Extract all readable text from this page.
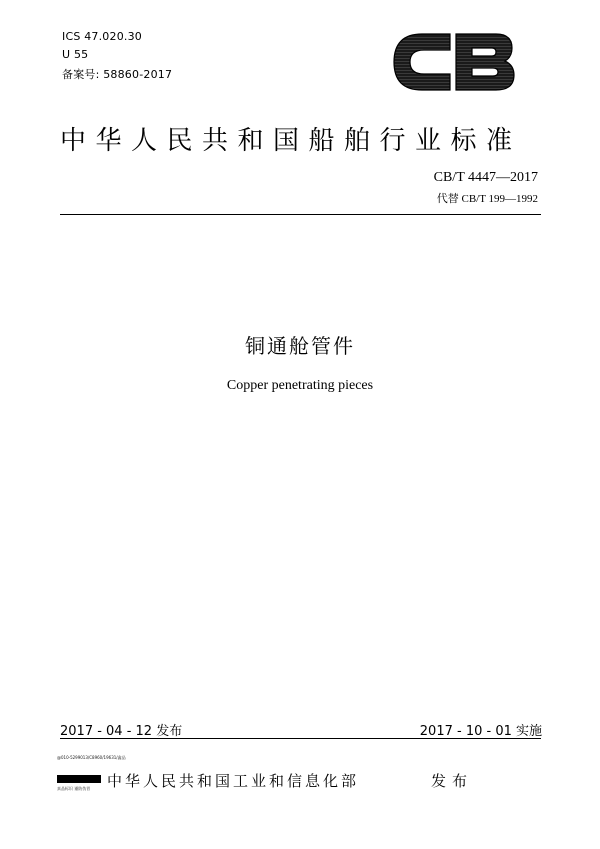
ICS 47.020.30
U 55
备案号: 58860-2017
中华人民共和国船舶行业标准
CB/T 4447—2017
代替 CB/T 199—1992
铜通舱管件
Copper penetrating pieces
2017 - 04 - 12 发布	2017 - 10 - 01 实施
@010-5299013/C8960/19631/鑫品
真品标识 谨防伪冒 中华人民共和国工业和信息化部	发布
